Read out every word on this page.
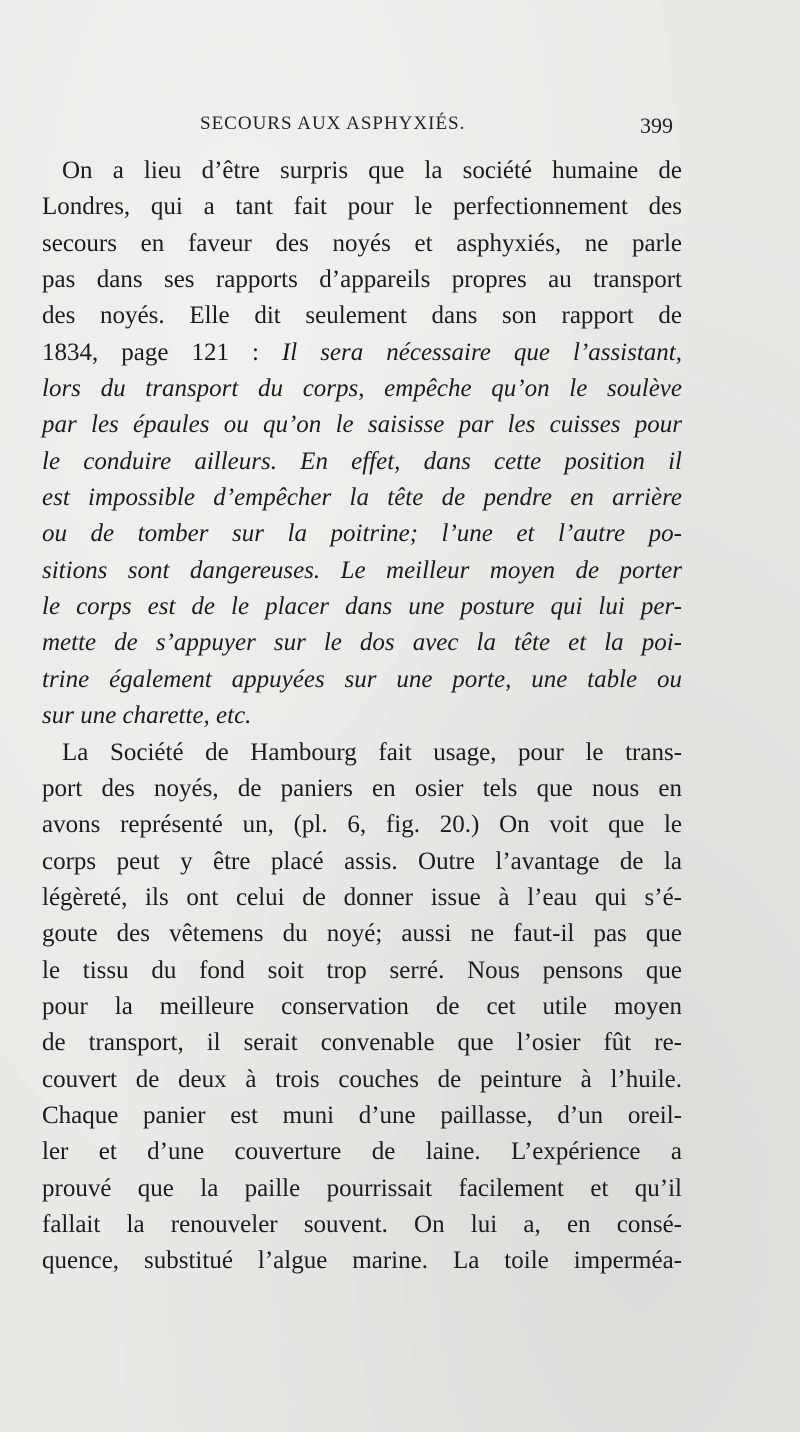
SECOURS AUX ASPHYXIÉS.	399
On a lieu d’être surpris que la société humaine de
Londres, qui a tant fait pour le perfectionnement des
secours en faveur des noyés et asphyxiés, ne parle
pas dans ses rapports d’appareils propres au transport
des noyés. Elle dit seulement dans son rapport de
1834, page 121 : Il sera nécessaire que l’assistant,
lors du transport du corps, empêche qu’on le soulève
par les épaules ou qu’on le saisisse par les cuisses pour
le conduire ailleurs. En effet, dans cette position il
est impossible d’empêcher la tête de pendre en arrière
ou de tomber sur la poitrine; l’une et l’autre po-
sitions sont dangereuses. Le meilleur moyen de porter
le corps est de le placer dans une posture qui lui per-
mette de s’appuyer sur le dos avec la tête et la poi-
trine également appuyées sur une porte, une table ou
sur une charette, etc.
La Société de Hambourg fait usage, pour le trans-
port des noyés, de paniers en osier tels que nous en
avons représenté un, (pl. 6, fig. 20.) On voit que le
corps peut y être placé assis. Outre l’avantage de la
légèreté, ils ont celui de donner issue à l’eau qui s’é-
goute des vêtemens du noyé; aussi ne faut-il pas que
le tissu du fond soit trop serré. Nous pensons que
pour la meilleure conservation de cet utile moyen
de transport, il serait convenable que l’osier fût re-
couvert de deux à trois couches de peinture à l’huile.
Chaque panier est muni d’une paillasse, d’un oreil-
ler et d’une couverture de laine. L’expérience a
prouvé que la paille pourrissait facilement et qu’il
fallait la renouveler souvent. On lui a, en consé-
quence, substitué l’algue marine. La toile imperméa-
